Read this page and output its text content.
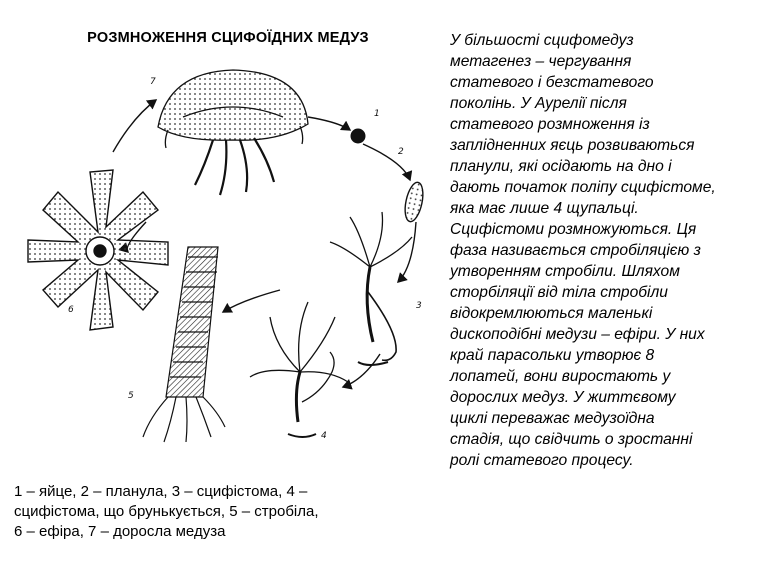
РОЗМНОЖЕННЯ СЦИФОЇДНИХ МЕДУЗ
7
1
2
3
4
5
6
1 – яйце, 2 – планула, 3 – сцифістома, 4 –
сцифістома, що брунькується, 5 – стробіла,
6 – ефіра, 7 – доросла медуза
У більшості сцифомедуз
метагенез – чергування
статевого і безстатевого
поколінь. У Аурелії після
статевого розмноження із
заплідненних яєць розвиваються
планули, які осідають на дно і
дають початок поліпу сцифістоме,
яка має лише 4 щупальці.
Сцифістоми розмножуються. Ця
фаза називається стробіляцією з
утворенням стробіли. Шляхом
сторбіляції від тіла стробіли
відокремлюються маленькі
дископодібні медузи – ефіри. У них
край парасольки утворює 8
лопатей, вони виростають у
дорослих медуз. У життєвому
циклі переважає медузоїдна
стадія, що свідчить о зростанні
ролі статевого процесу.
